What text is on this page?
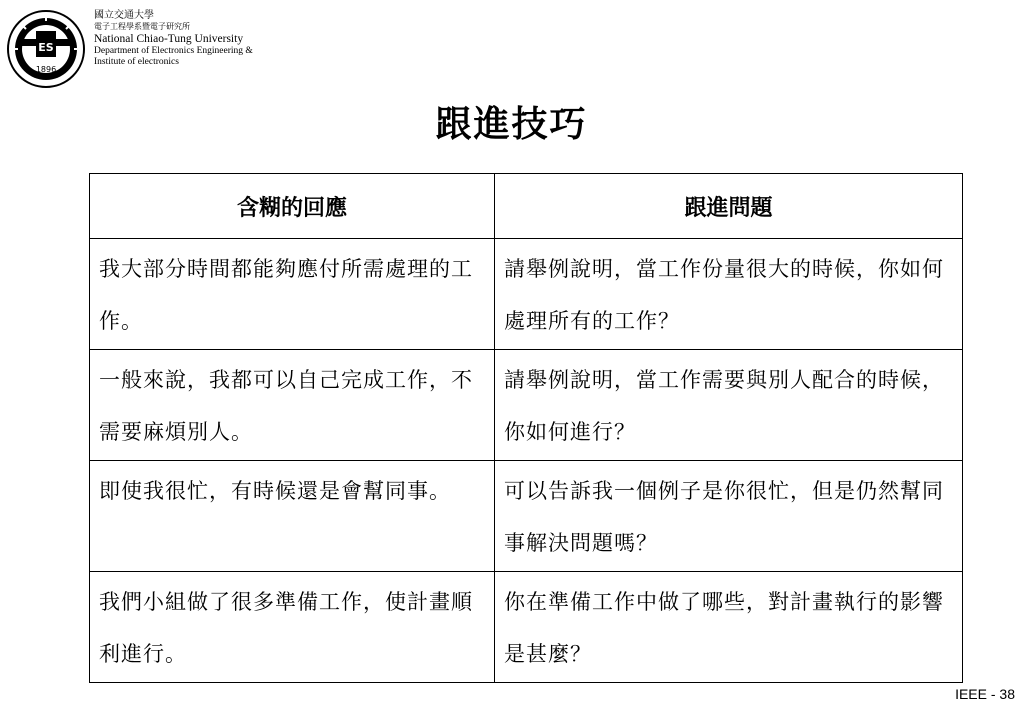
ES
1896
國立交通大學
電子工程學系暨電子研究所
National Chiao-Tung University
Department of Electronics Engineering &
Institute of electronics
跟進技巧
含糊的回應	跟進問題
我大部分時間都能夠應付所需處理的工作。	請舉例說明，當工作份量很大的時候，你如何處理所有的工作？
一般來說，我都可以自己完成工作，不需要麻煩別人。	請舉例說明，當工作需要與別人配合的時候，你如何進行？
即使我很忙，有時候還是會幫同事。	可以告訴我一個例子是你很忙，但是仍然幫同事解決問題嗎？
我們小組做了很多準備工作，使計畫順利進行。	你在準備工作中做了哪些，對計畫執行的影響是甚麼？
IEEE - 38
